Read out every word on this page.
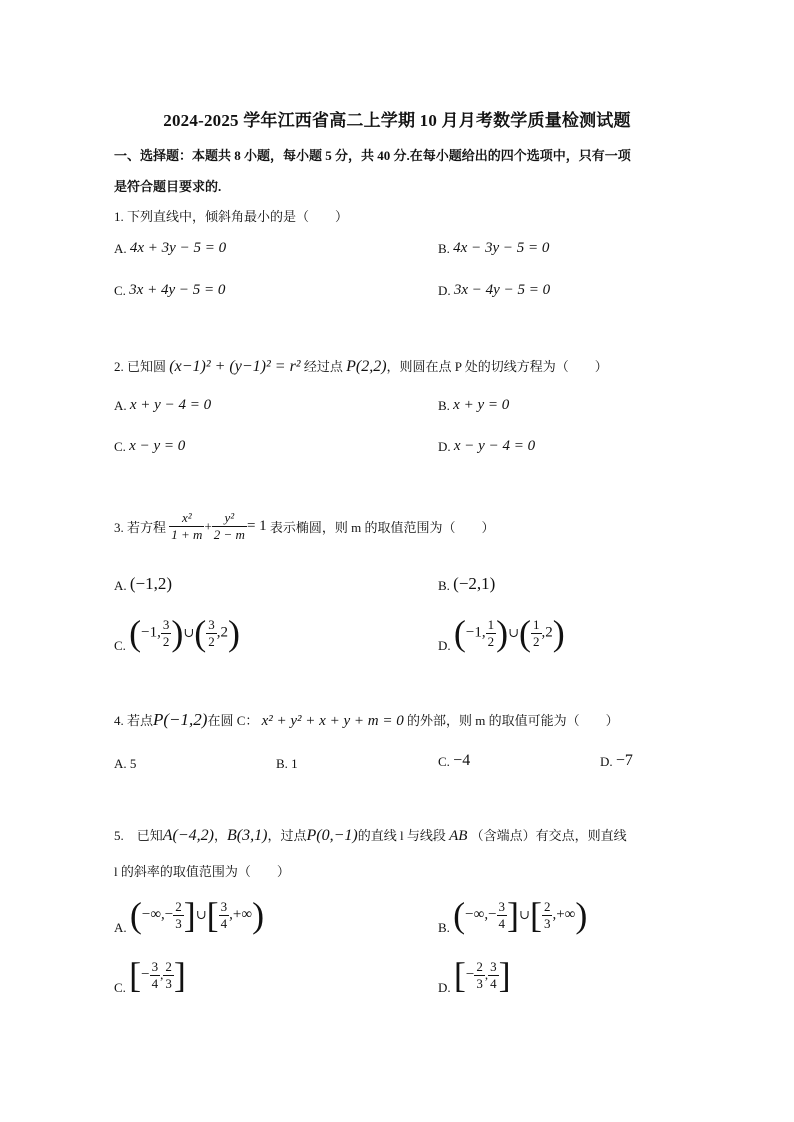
2024-2025 学年江西省高二上学期 10 月月考数学质量检测试题
一、选择题：本题共 8 小题，每小题 5 分，共 40 分.在每小题给出的四个选项中，只有一项
是符合题目要求的.
1. 下列直线中，倾斜角最小的是（　　）
A. 4x + 3y − 5 = 0	B. 4x − 3y − 5 = 0
C. 3x + 4y − 5 = 0	D. 3x − 4y − 5 = 0
2. 已知圆 (x−1)² + (y−1)² = r² 经过点 P(2,2)，则圆在点 P 处的切线方程为（　　）
A. x + y − 4 = 0	B. x + y = 0
C. x − y = 0	D. x − y − 4 = 0
3. 若方程 $\frac{\text{x²}}{1 + m} + \frac{\text{y²}}{2 - m} = 1$ 表示椭圆，则 m 的取值范围为（　　）
A. (−1,2)	B. (−2,1)
C. (−1, $\frac{3}{2}$ )∪( $\frac{3}{2} ,2$)	D. (−1, $\frac{1}{2}$ )∪( $\frac{1}{2} ,2$)
4. 若点P(−1,2)在圆 C： x² + y² + x + y + m = 0 的外部，则 m 的取值可能为（　　）
A. 5	B. 1	C. −4	D. −7
5.　已知A(−4,2)，B(3,1)，过点P(0,−1)的直线 l 与线段 AB （含端点）有交点，则直线
l 的斜率的取值范围为（　　）
A. (−∞,− $\frac{2}{3}$ ]∪[ $\frac{3}{4}$ ,+∞)	B. (−∞,− $\frac{3}{4}$ ]∪[ $\frac{2}{3}$ ,+∞)
C. [− $\frac{3}{4}$ , $\frac{2}{3}$ ]	D. [− $\frac{2}{3}$ , $\frac{3}{4}$ ]
